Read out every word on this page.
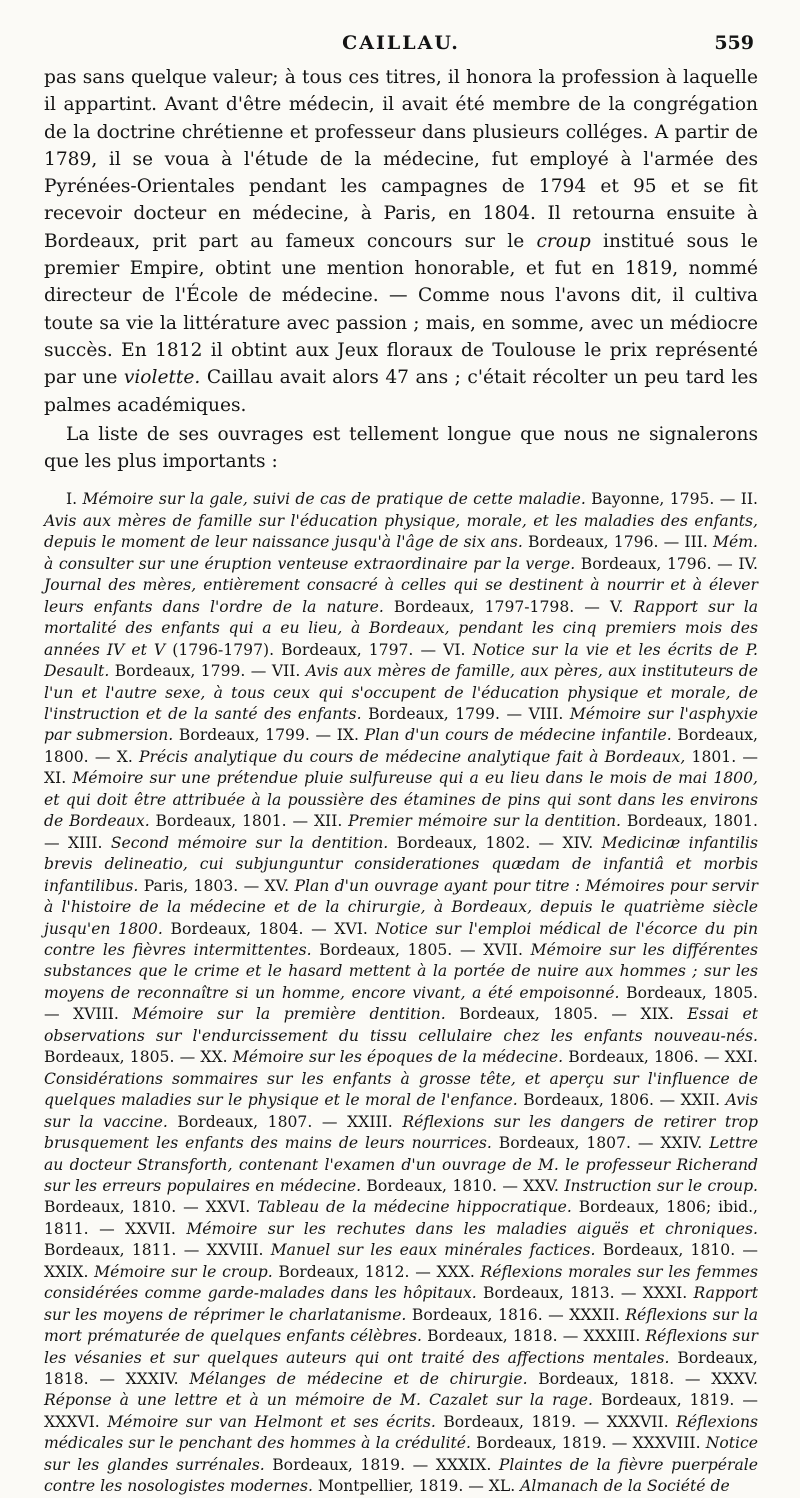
CAILLAU.	559

pas sans quelque valeur; à tous ces titres, il honora la profession à laquelle il appartint. Avant d'être médecin, il avait été membre de la congrégation de la doctrine chrétienne et professeur dans plusieurs colléges. A partir de 1789, il se voua à l'étude de la médecine, fut employé à l'armée des Pyrénées-Orientales pendant les campagnes de 1794 et 95 et se fit recevoir docteur en médecine, à Paris, en 1804. Il retourna ensuite à Bordeaux, prit part au fameux concours sur le croup institué sous le premier Empire, obtint une mention honorable, et fut en 1819, nommé directeur de l'École de médecine. — Comme nous l'avons dit, il cultiva toute sa vie la littérature avec passion ; mais, en somme, avec un médiocre succès. En 1812 il obtint aux Jeux floraux de Toulouse le prix représenté par une violette. Caillau avait alors 47 ans ; c'était récolter un peu tard les palmes académiques.

La liste de ses ouvrages est tellement longue que nous ne signalerons que les plus importants :

I. Mémoire sur la gale, suivi de cas de pratique de cette maladie. Bayonne, 1795. — II. Avis aux mères de famille sur l'éducation physique, morale, et les maladies des enfants, depuis le moment de leur naissance jusqu'à l'âge de six ans. Bordeaux, 1796. — III. Mém. à consulter sur une éruption venteuse extraordinaire par la verge. Bordeaux, 1796. — IV. Journal des mères, entièrement consacré à celles qui se destinent à nourrir et à élever leurs enfants dans l'ordre de la nature. Bordeaux, 1797-1798. — V. Rapport sur la mortalité des enfants qui a eu lieu, à Bordeaux, pendant les cinq premiers mois des années IV et V (1796-1797). Bordeaux, 1797. — VI. Notice sur la vie et les écrits de P. Desault. Bordeaux, 1799. — VII. Avis aux mères de famille, aux pères, aux instituteurs de l'un et l'autre sexe, à tous ceux qui s'occupent de l'éducation physique et morale, de l'instruction et de la santé des enfants. Bordeaux, 1799. — VIII. Mémoire sur l'asphyxie par submersion. Bordeaux, 1799. — IX. Plan d'un cours de médecine infantile. Bordeaux, 1800. — X. Précis analytique du cours de médecine analytique fait à Bordeaux, 1801. — XI. Mémoire sur une prétendue pluie sulfureuse qui a eu lieu dans le mois de mai 1800, et qui doit être attribuée à la poussière des étamines de pins qui sont dans les environs de Bordeaux. Bordeaux, 1801. — XII. Premier mémoire sur la dentition. Bordeaux, 1801. — XIII. Second mémoire sur la dentition. Bordeaux, 1802. — XIV. Medicinæ infantilis brevis delineatio, cui subjunguntur considerationes quædam de infantiâ et morbis infantilibus. Paris, 1803. — XV. Plan d'un ouvrage ayant pour titre : Mémoires pour servir à l'histoire de la médecine et de la chirurgie, à Bordeaux, depuis le quatrième siècle jusqu'en 1800. Bordeaux, 1804. — XVI. Notice sur l'emploi médical de l'écorce du pin contre les fièvres intermittentes. Bordeaux, 1805. — XVII. Mémoire sur les différentes substances que le crime et le hasard mettent à la portée de nuire aux hommes ; sur les moyens de reconnaître si un homme, encore vivant, a été empoisonné. Bordeaux, 1805. — XVIII. Mémoire sur la première dentition. Bordeaux, 1805. — XIX. Essai et observations sur l'endurcissement du tissu cellulaire chez les enfants nouveau-nés. Bordeaux, 1805. — XX. Mémoire sur les époques de la médecine. Bordeaux, 1806. — XXI. Considérations sommaires sur les enfants à grosse tête, et aperçu sur l'influence de quelques maladies sur le physique et le moral de l'enfance. Bordeaux, 1806. — XXII. Avis sur la vaccine. Bordeaux, 1807. — XXIII. Réflexions sur les dangers de retirer trop brusquement les enfants des mains de leurs nourrices. Bordeaux, 1807. — XXIV. Lettre au docteur Stransforth, contenant l'examen d'un ouvrage de M. le professeur Richerand sur les erreurs populaires en médecine. Bordeaux, 1810. — XXV. Instruction sur le croup. Bordeaux, 1810. — XXVI. Tableau de la médecine hippocratique. Bordeaux, 1806; ibid., 1811. — XXVII. Mémoire sur les rechutes dans les maladies aiguës et chroniques. Bordeaux, 1811. — XXVIII. Manuel sur les eaux minérales factices. Bordeaux, 1810. — XXIX. Mémoire sur le croup. Bordeaux, 1812. — XXX. Réflexions morales sur les femmes considérées comme garde-malades dans les hôpitaux. Bordeaux, 1813. — XXXI. Rapport sur les moyens de réprimer le charlatanisme. Bordeaux, 1816. — XXXII. Réflexions sur la mort prématurée de quelques enfants célèbres. Bordeaux, 1818. — XXXIII. Réflexions sur les vésanies et sur quelques auteurs qui ont traité des affections mentales. Bordeaux, 1818. — XXXIV. Mélanges de médecine et de chirurgie. Bordeaux, 1818. — XXXV. Réponse à une lettre et à un mémoire de M. Cazalet sur la rage. Bordeaux, 1819. — XXXVI. Mémoire sur van Helmont et ses écrits. Bordeaux, 1819. — XXXVII. Réflexions médicales sur le penchant des hommes à la crédulité. Bordeaux, 1819. — XXXVIII. Notice sur les glandes surrénales. Bordeaux, 1819. — XXXIX. Plaintes de la fièvre puerpérale contre les nosologistes modernes. Montpellier, 1819. — XL. Almanach de la Société de
